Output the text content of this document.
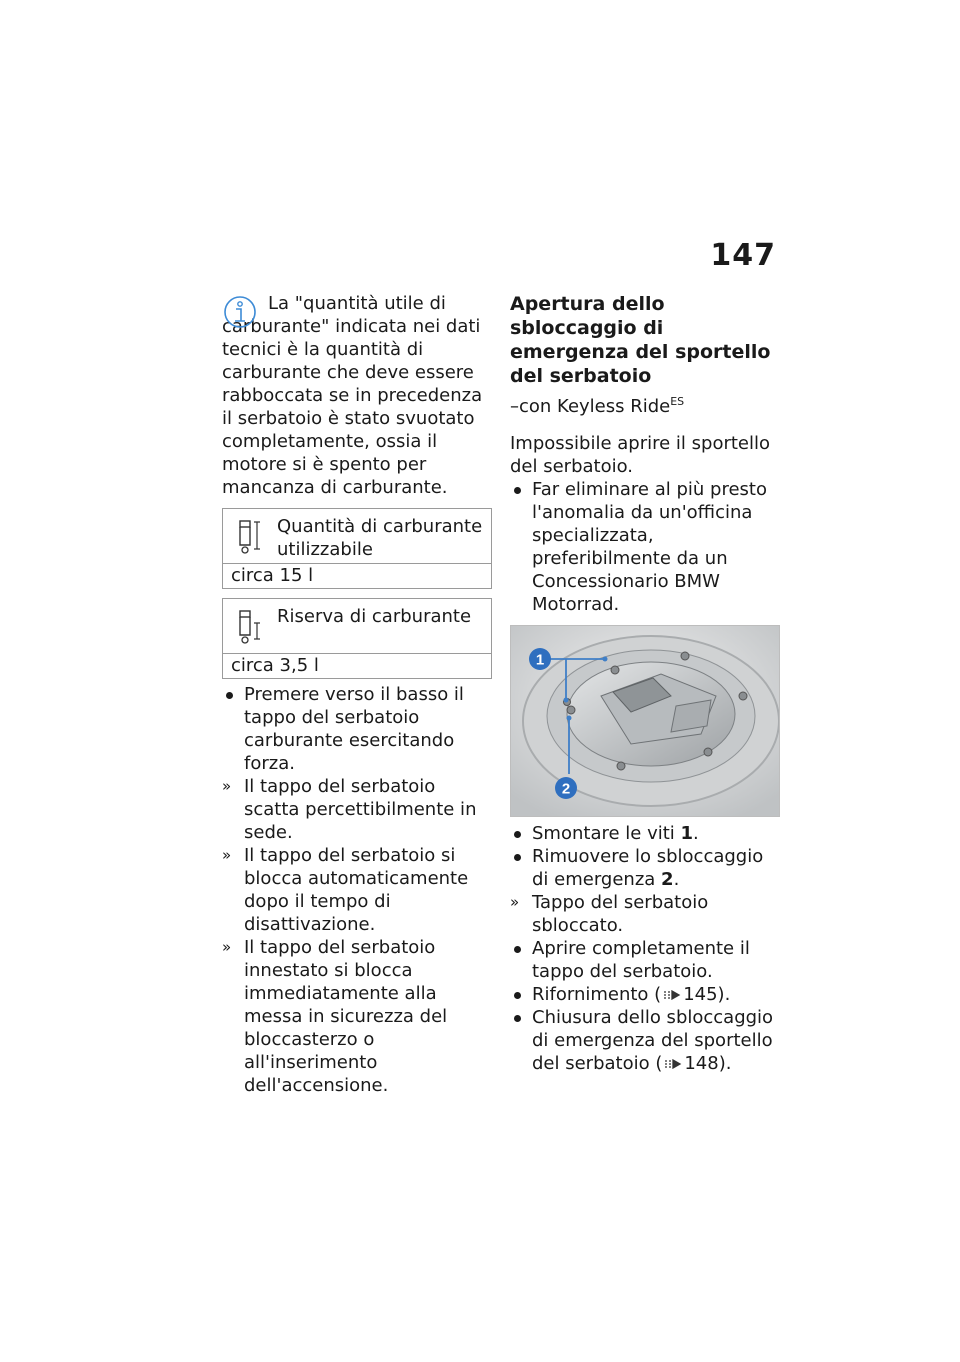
147

La "quantità utile di carburante" indicata nei dati tecnici è la quantità di carburante che deve essere rabboccata se in precedenza il serbatoio è stato svuotato completamente, ossia il motore si è spento per mancanza di carburante.

Quantità di carburante utilizzabile
circa 15 l
Riserva di carburante
circa 3,5 l
Premere verso il basso il tappo del serbatoio carburante esercitando forza.
» Il tappo del serbatoio scatta percettibilmente in sede.
» Il tappo del serbatoio si blocca automaticamente dopo il tempo di disattivazione.
» Il tappo del serbatoio innestato si blocca immediatamente alla messa in sicurezza del bloccasterzo o all'inserimento dell'accensione.
Apertura dello sbloccaggio di emergenza del sportello del serbatoio

–con Keyless Ride$^{ES}$

Impossibile aprire il sportello del serbatoio.

Far eliminare al più presto l'anomalia da un'officina specializzata, preferibilmente da un Concessionario BMW Motorrad.
1
2
Smontare le viti 1.
Rimuovere lo sbloccaggio di emergenza 2.
» Tappo del serbatoio sbloccato.
Aprire completamente il tappo del serbatoio.
Rifornimento ( 145).
Chiusura dello sbloccaggio di emergenza del sportello del serbatoio ( 148).
